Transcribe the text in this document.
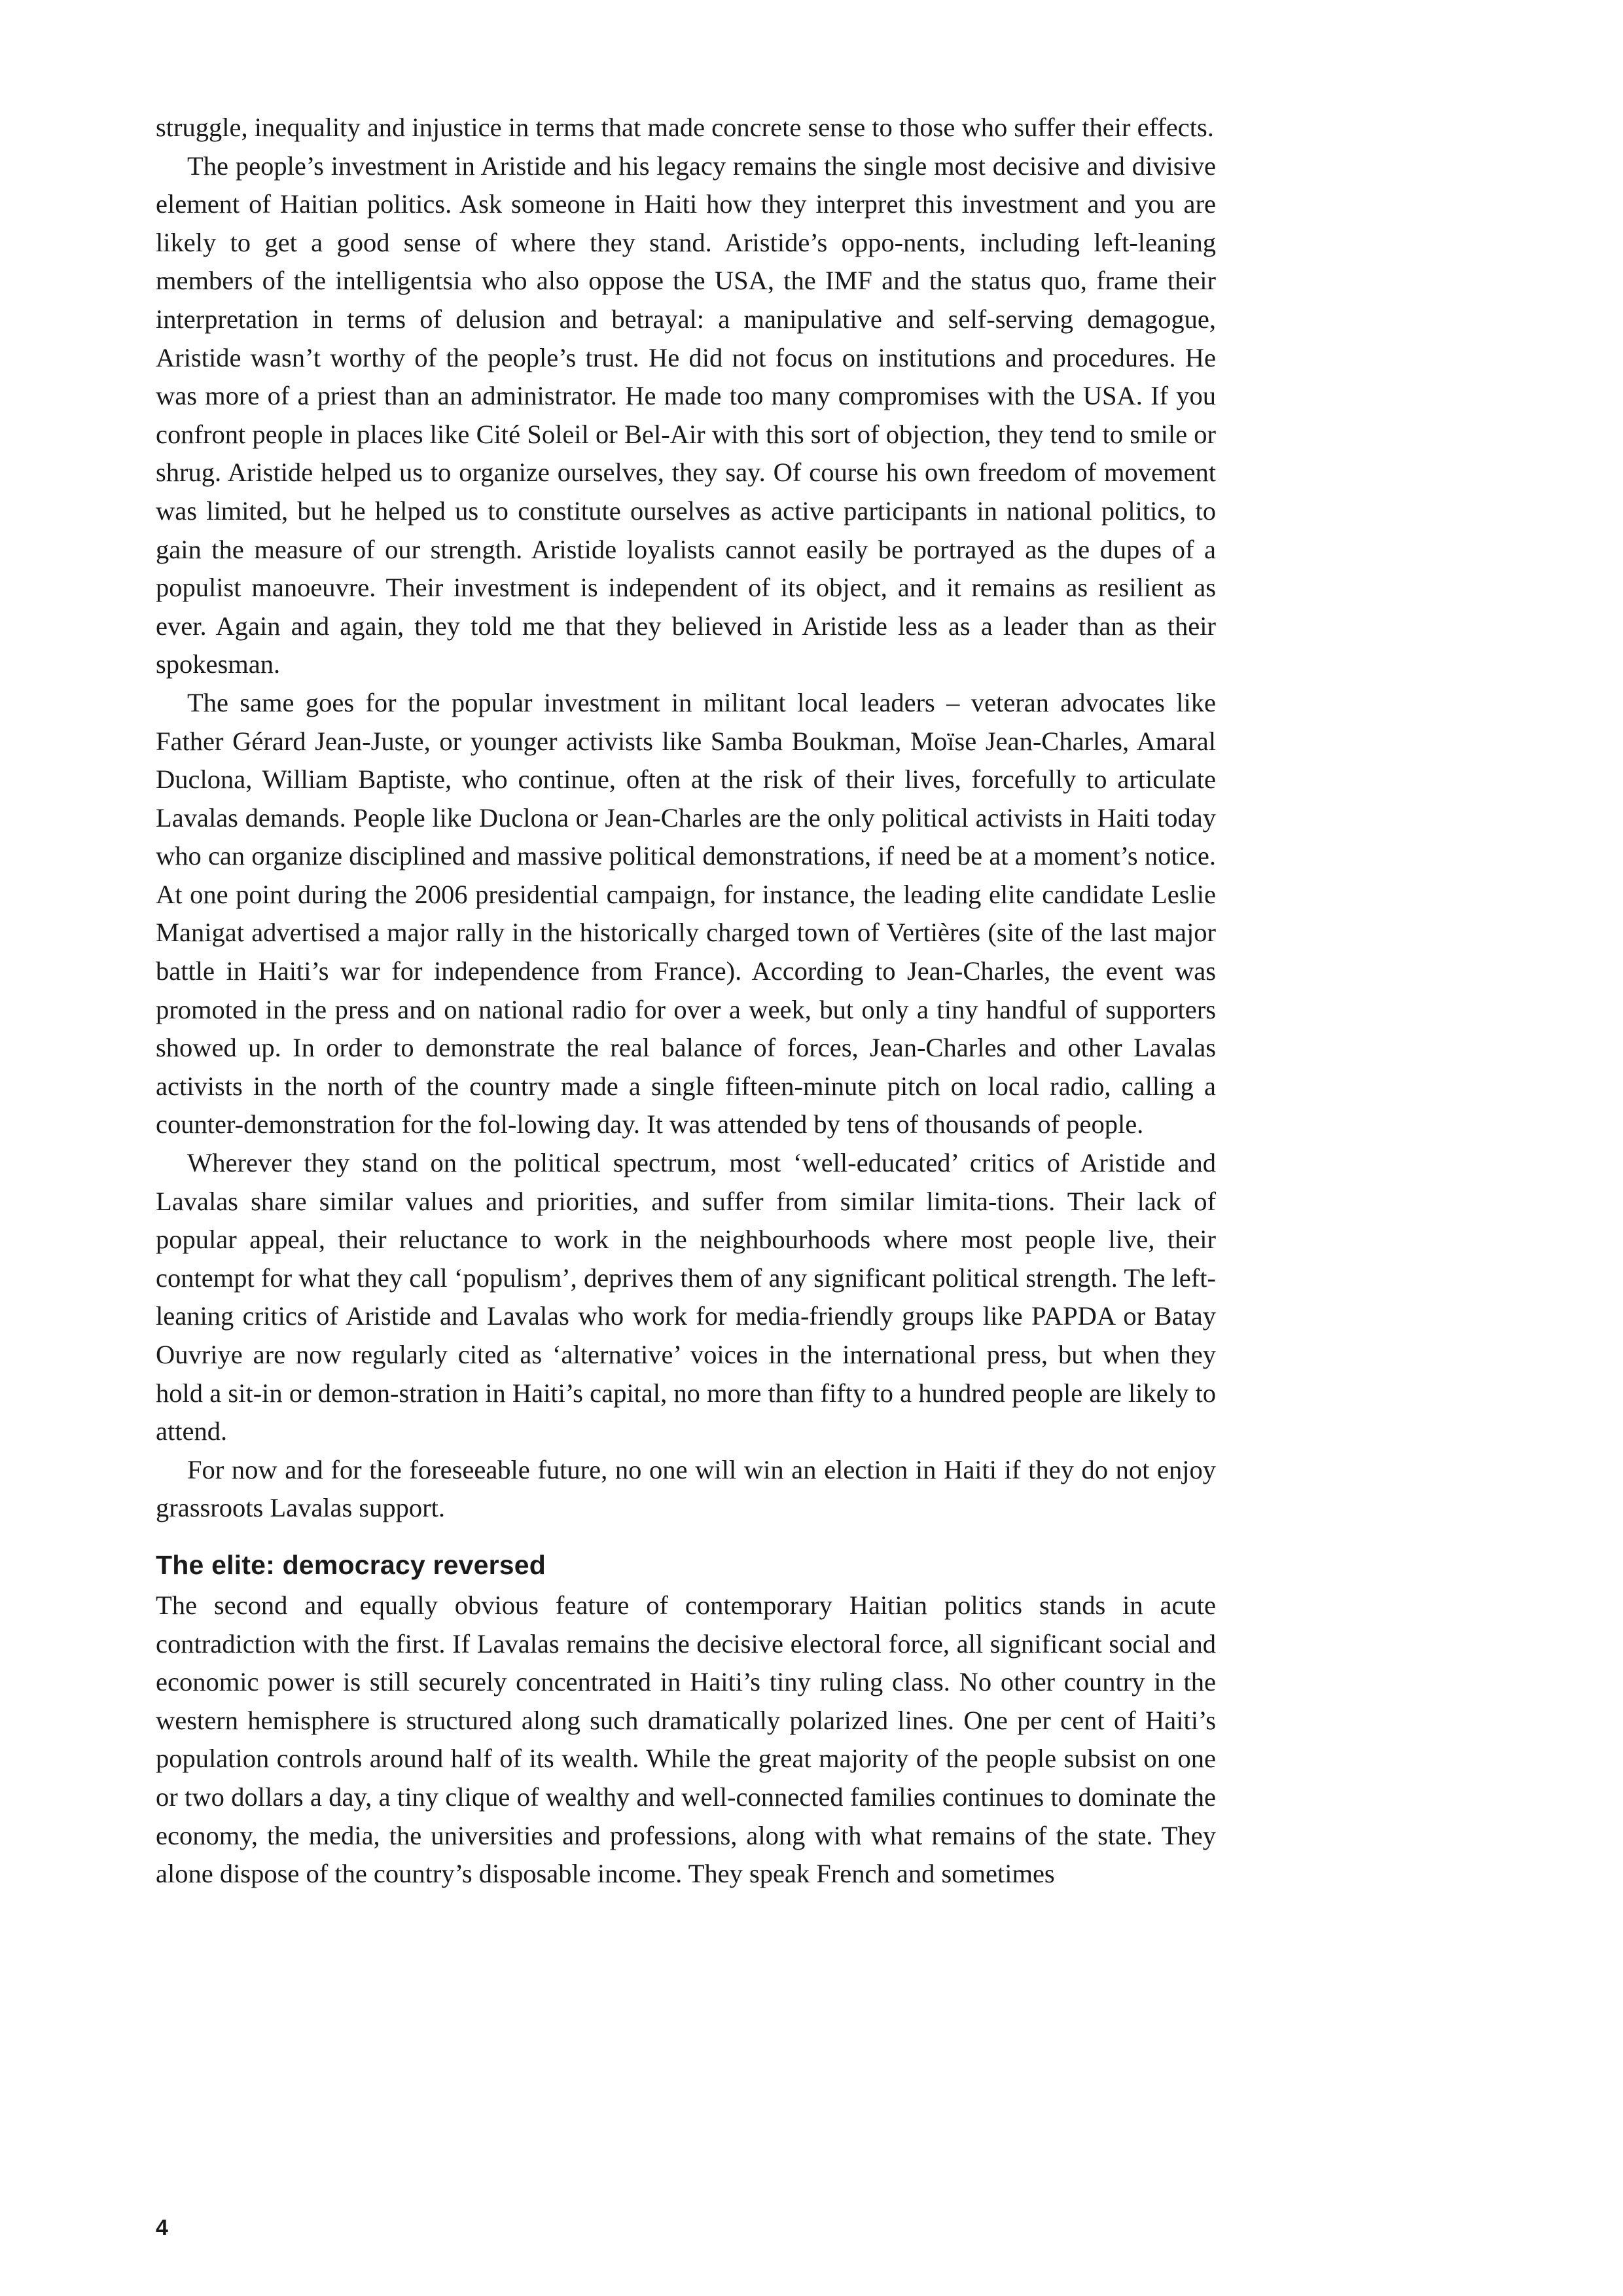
struggle, inequality and injustice in terms that made concrete sense to those who suffer their effects.

The people’s investment in Aristide and his legacy remains the single most decisive and divisive element of Haitian politics. Ask someone in Haiti how they interpret this investment and you are likely to get a good sense of where they stand. Aristide’s oppo-nents, including left-leaning members of the intelligentsia who also oppose the USA, the IMF and the status quo, frame their interpretation in terms of delusion and betrayal: a manipulative and self-serving demagogue, Aristide wasn’t worthy of the people’s trust. He did not focus on institutions and procedures. He was more of a priest than an administrator. He made too many compromises with the USA. If you confront people in places like Cité Soleil or Bel-Air with this sort of objection, they tend to smile or shrug. Aristide helped us to organize ourselves, they say. Of course his own freedom of movement was limited, but he helped us to constitute ourselves as active participants in national politics, to gain the measure of our strength. Aristide loyalists cannot easily be portrayed as the dupes of a populist manoeuvre. Their investment is independent of its object, and it remains as resilient as ever. Again and again, they told me that they believed in Aristide less as a leader than as their spokesman.

The same goes for the popular investment in militant local leaders – veteran advocates like Father Gérard Jean-Juste, or younger activists like Samba Boukman, Moïse Jean-Charles, Amaral Duclona, William Baptiste, who continue, often at the risk of their lives, forcefully to articulate Lavalas demands. People like Duclona or Jean-Charles are the only political activists in Haiti today who can organize disciplined and massive political demonstrations, if need be at a moment’s notice. At one point during the 2006 presidential campaign, for instance, the leading elite candidate Leslie Manigat advertised a major rally in the historically charged town of Vertières (site of the last major battle in Haiti’s war for independence from France). According to Jean-Charles, the event was promoted in the press and on national radio for over a week, but only a tiny handful of supporters showed up. In order to demonstrate the real balance of forces, Jean-Charles and other Lavalas activists in the north of the country made a single fifteen-minute pitch on local radio, calling a counter-demonstration for the fol-lowing day. It was attended by tens of thousands of people.

Wherever they stand on the political spectrum, most ‘well-educated’ critics of Aristide and Lavalas share similar values and priorities, and suffer from similar limita-tions. Their lack of popular appeal, their reluctance to work in the neighbourhoods where most people live, their contempt for what they call ‘populism’, deprives them of any significant political strength. The left-leaning critics of Aristide and Lavalas who work for media-friendly groups like PAPDA or Batay Ouvriye are now regularly cited as ‘alternative’ voices in the international press, but when they hold a sit-in or demon-stration in Haiti’s capital, no more than fifty to a hundred people are likely to attend.

For now and for the foreseeable future, no one will win an election in Haiti if they do not enjoy grassroots Lavalas support.

The elite: democracy reversed

The second and equally obvious feature of contemporary Haitian politics stands in acute contradiction with the first. If Lavalas remains the decisive electoral force, all significant social and economic power is still securely concentrated in Haiti’s tiny ruling class. No other country in the western hemisphere is structured along such dramatically polarized lines. One per cent of Haiti’s population controls around half of its wealth. While the great majority of the people subsist on one or two dollars a day, a tiny clique of wealthy and well-connected families continues to dominate the economy, the media, the universities and professions, along with what remains of the state. They alone dispose of the country’s disposable income. They speak French and sometimes

4
